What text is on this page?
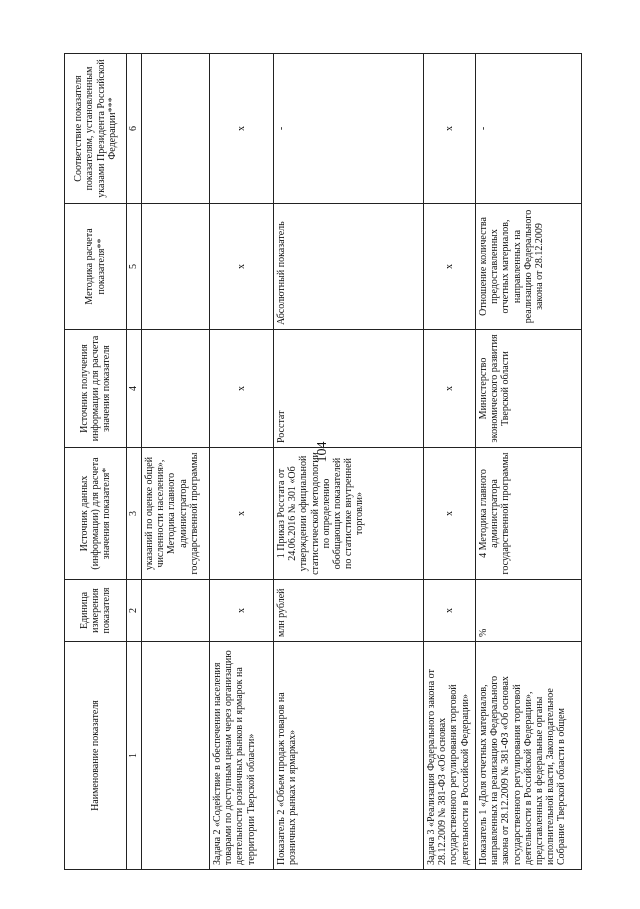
104
Наименование показателя	Единица измерения показателя	Источник данных (информации) для расчета значения показателя*	Источник получения информации для расчета значения показателя	Методика расчета показателя**	Соответствие показателя показателям, установленным указами Президента Российской Федерации***
1	2	3	4	5	6
		указаний по оценке общей численности населения», Методика главного администратора государственной программы			
Задача 2 «Содействие в обеспечении населения товарами по доступным ценам через организацию деятельности розничных рынков и ярмарок на территории Тверской области»	x	x	x	x	x
Показатель 2 «Объем продаж товаров на розничных рынках и ярмарках»	млн рублей	1 Приказ Росстата от 24.06.2016 № 301 «Об утверждении официальной статистической методологии по определению обобщающих показателей по статистике внутренней торговли»	Росстат	Абсолютный показатель	-
Задача 3 «Реализация Федерального закона от 28.12.2009 № 381-ФЗ «Об основах государственного регулирования торговой деятельности в Российской Федерации»	x	x	x	x	x
Показатель 1 «Доля отчетных материалов, направленных на реализацию Федерального закона от 28.12.2009 № 381-ФЗ «Об основах государственного регулирования торговой деятельности в Российской Федерации», представленных в федеральные органы исполнительной власти, Законодательное Собрание Тверской области в общем	%	4 Методика главного администратора государственной программы	Министерство экономического развития Тверской области	Отношение количества предоставленных отчетных материалов, направленных на реализацию Федерального закона от 28.12.2009	-
